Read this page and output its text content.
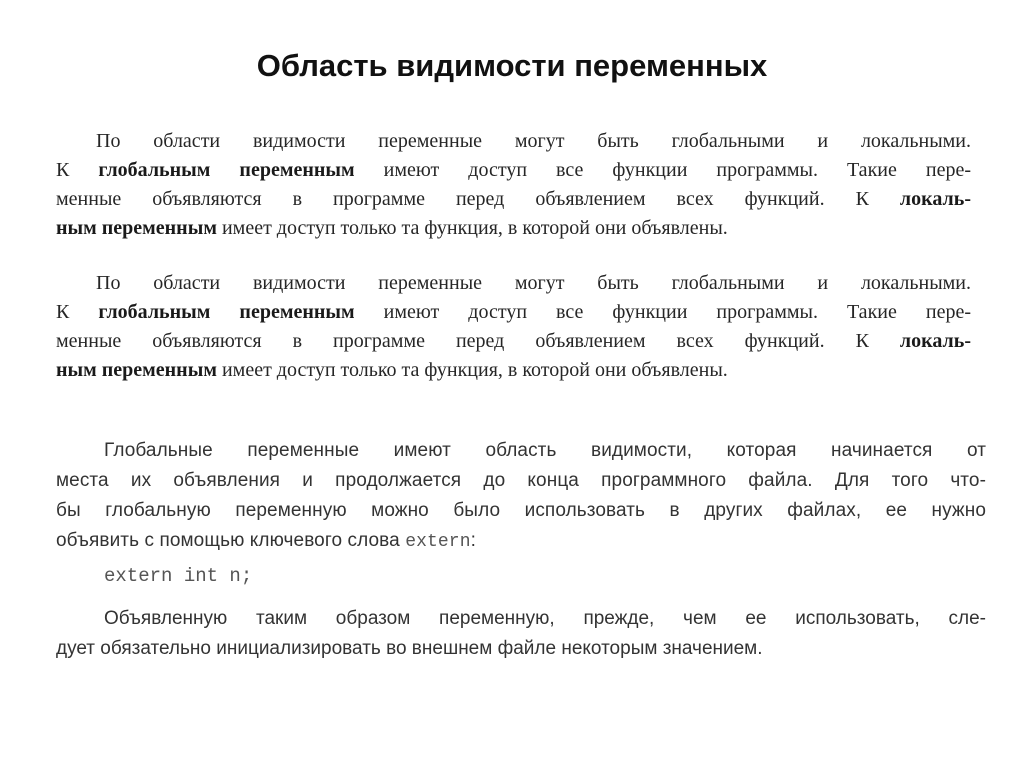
Область видимости переменных
По области видимости переменные могут быть глобальными и локальными.
К глобальным переменным имеют доступ все функции программы. Такие пере-
менные объявляются в программе перед объявлением всех функций. К локаль-
ным переменным имеет доступ только та функция, в которой они объявлены.
По области видимости переменные могут быть глобальными и локальными.
К глобальным переменным имеют доступ все функции программы. Такие пере-
менные объявляются в программе перед объявлением всех функций. К локаль-
ным переменным имеет доступ только та функция, в которой они объявлены.
Глобальные переменные имеют область видимости, которая начинается от
места их объявления и продолжается до конца программного файла. Для того что-
бы глобальную переменную можно было использовать в других файлах, ее нужно
объявить с помощью ключевого слова extern:
extern int n;
Объявленную таким образом переменную, прежде, чем ее использовать, сле-
дует обязательно инициализировать во внешнем файле некоторым значением.
